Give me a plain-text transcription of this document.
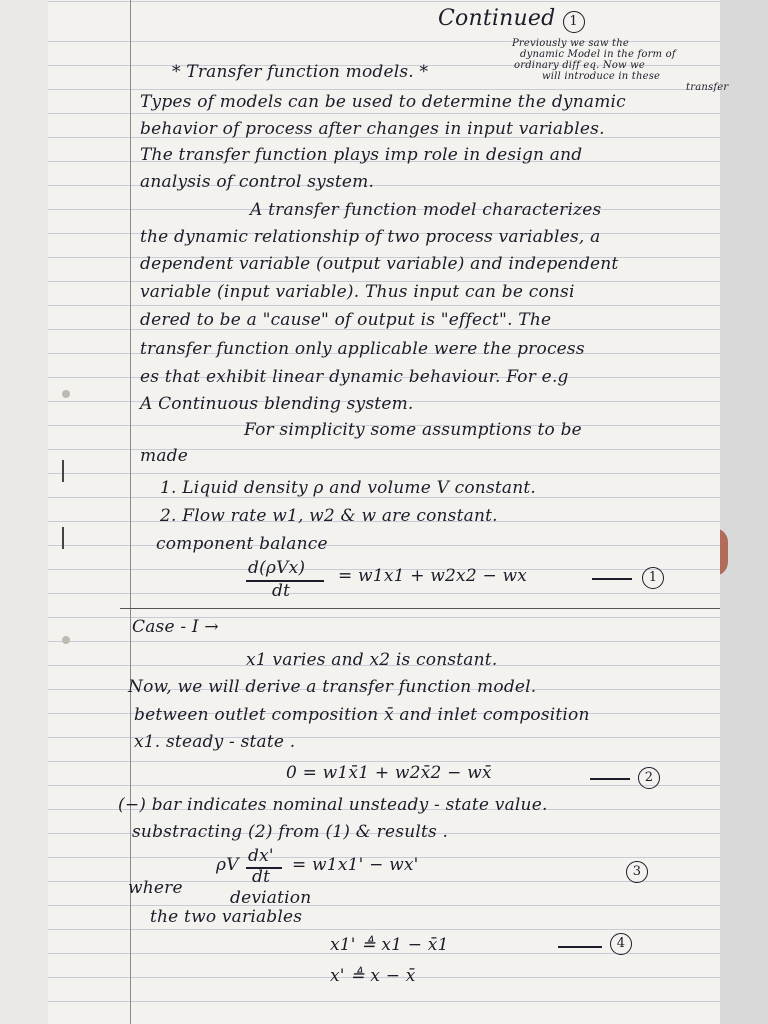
Continued 1
Previously we saw the
dynamic Model in the form of
ordinary diff eq. Now we
will introduce in these
transfer
* Transfer function models. *
Types of models can be used to determine the dynamic
behavior of process after changes in input variables.
The transfer function plays imp role in design and
analysis of control system.
A transfer function model characterizes
the dynamic relationship of two process variables, a
dependent variable (output variable) and independent
variable (input variable). Thus input can be consi
dered to be a "cause" of output is "effect". The
transfer function only applicable were the process
es that exhibit linear dynamic behaviour. For e.g
A Continuous blending system.
For simplicity some assumptions to be
made
1. Liquid density ρ and volume V constant.
2. Flow rate w1, w2 & w are constant.
component balance
d(ρVx)
dt
= w1x1 + w2x2 − wx	1
Case - I →
x1 varies and x2 is constant.
Now, we will derive a transfer function model.
between outlet composition x̄ and inlet composition
x1. steady - state .
0 = w1x̄1 + w2x̄2 − wx̄	2
(−) bar indicates nominal unsteady - state value.
substracting (2) from (1) & results .
ρV dx'
dt
= w1x1' − wx'	3
where	deviation
the two variables
x1' ≜ x1 − x̄1	4
x' ≜ x − x̄
